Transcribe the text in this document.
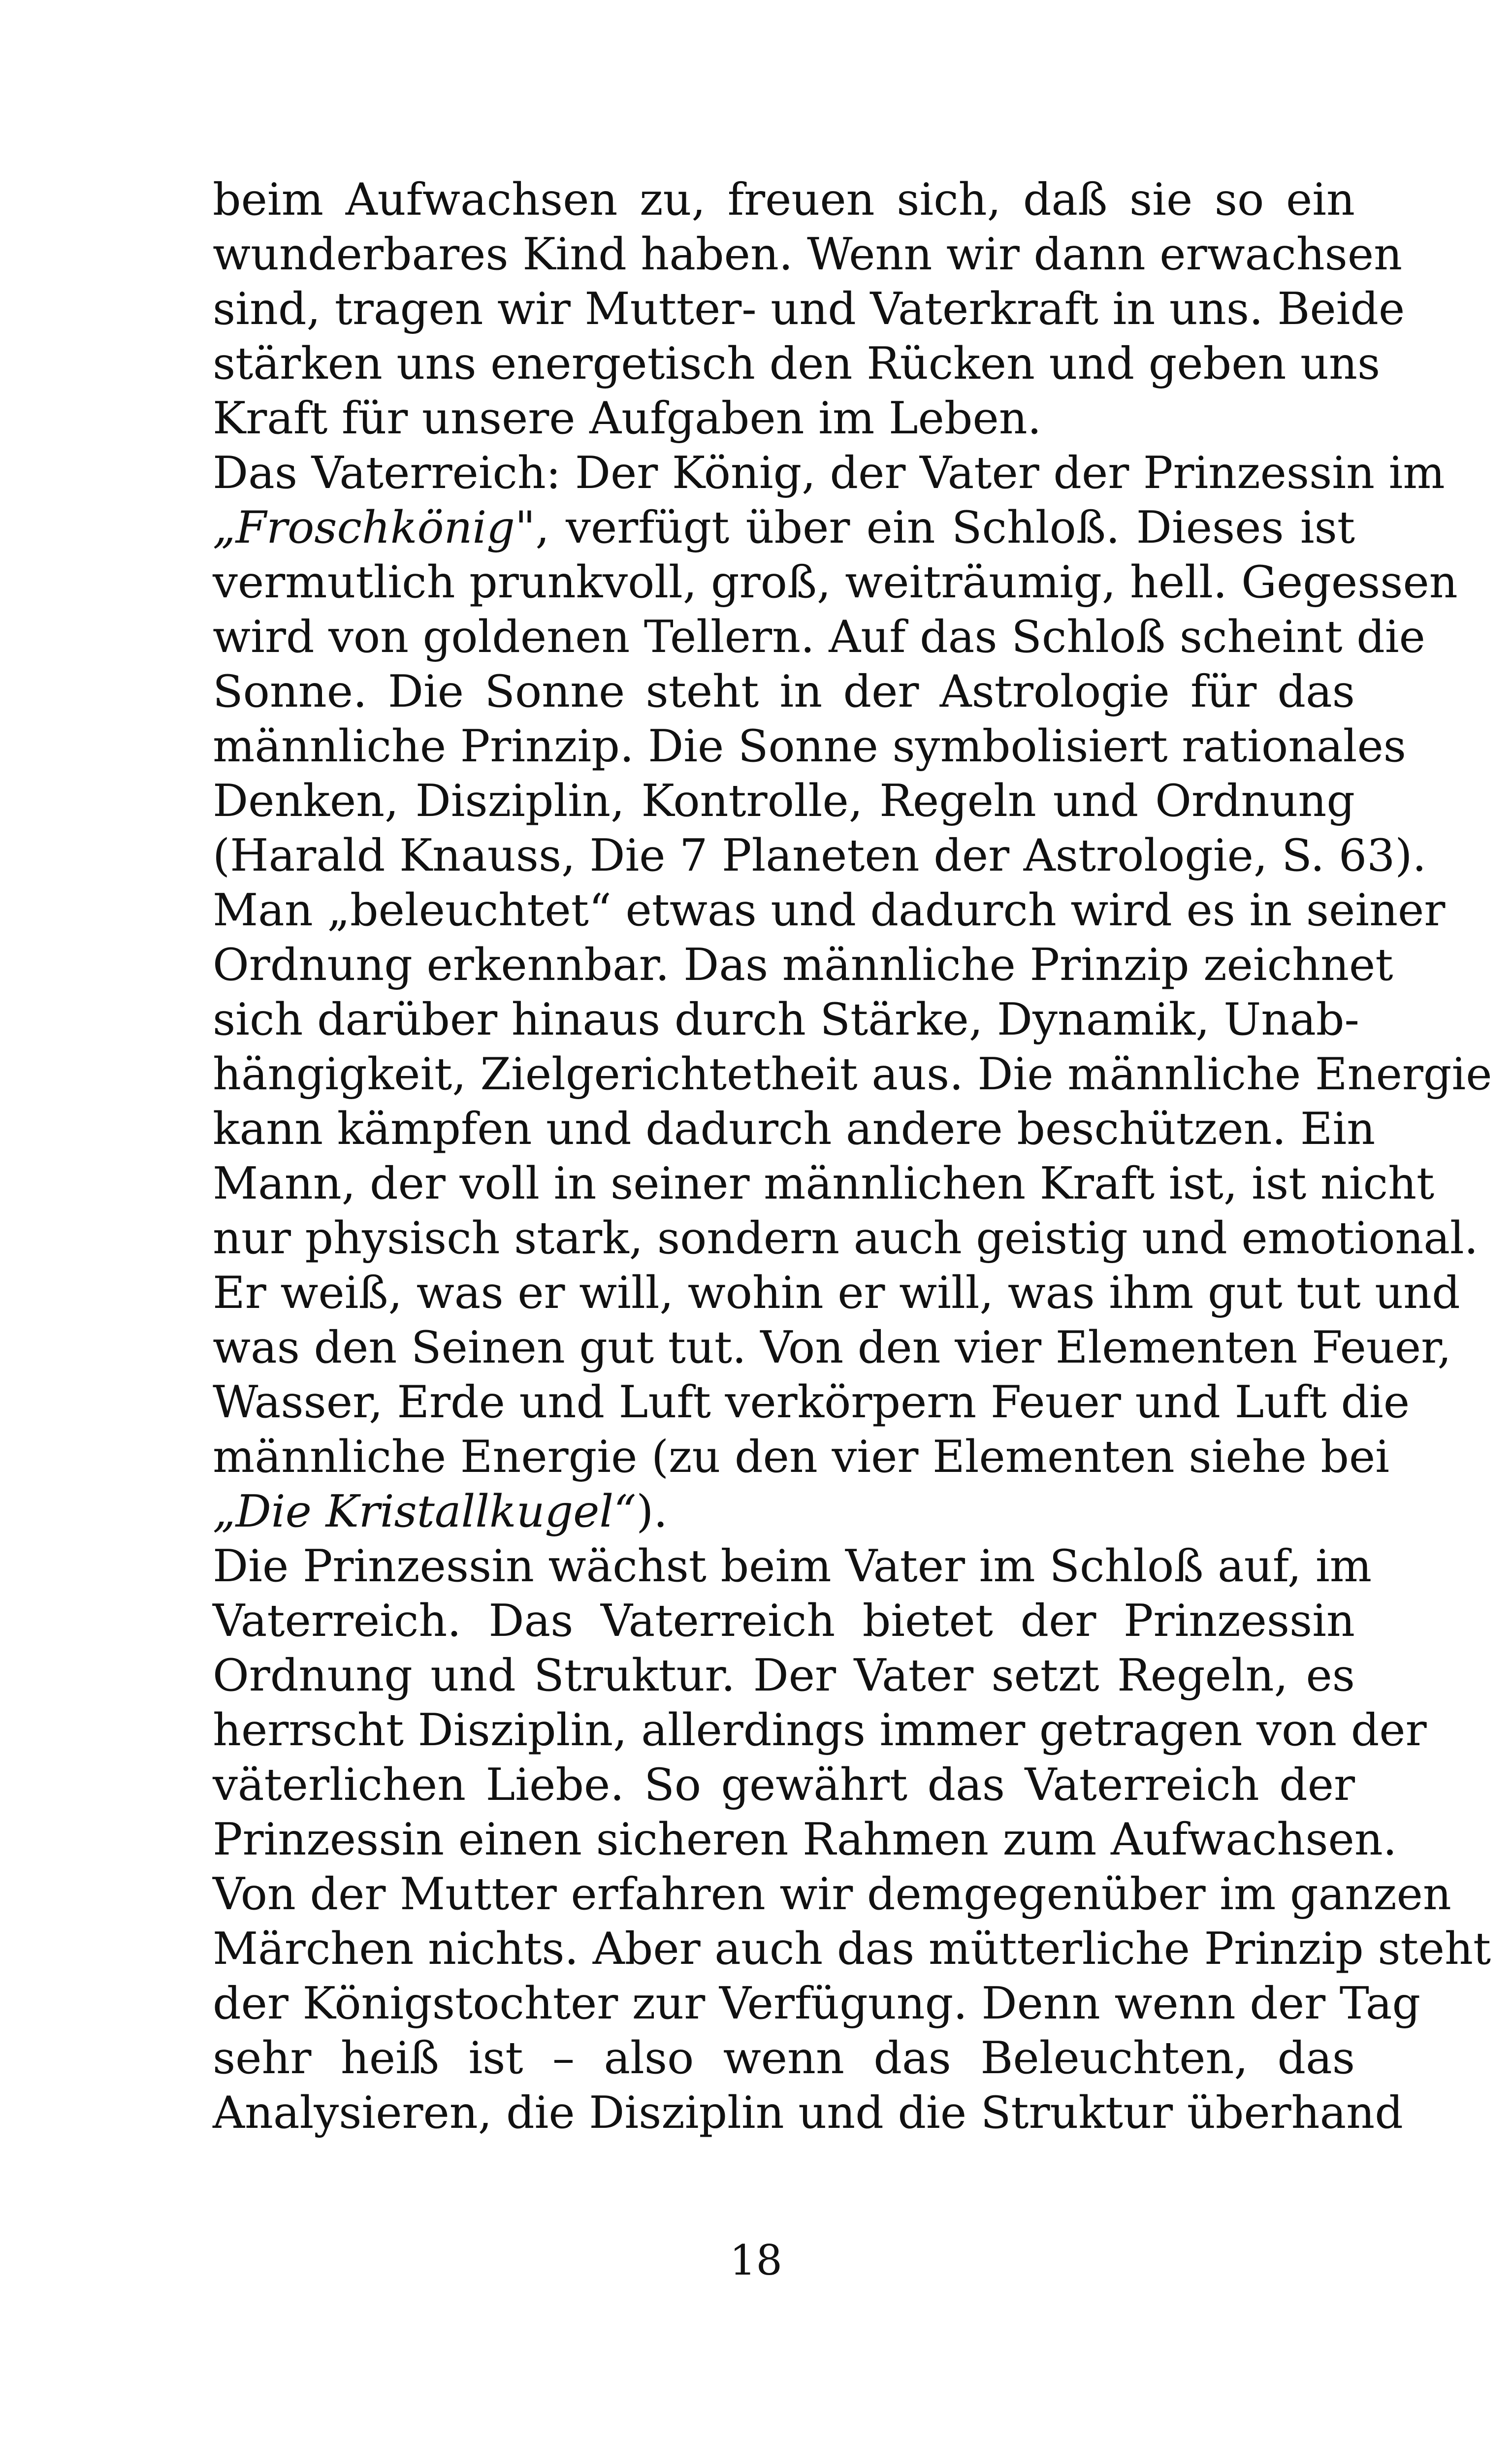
beim Aufwachsen zu, freuen sich, daß sie so ein
wunderbares Kind haben. Wenn wir dann erwachsen
sind, tragen wir Mutter- und Vaterkraft in uns. Beide
stärken uns energetisch den Rücken und geben uns
Kraft für unsere Aufgaben im Leben.
Das Vaterreich: Der König, der Vater der Prinzessin im
„Froschkönig", verfügt über ein Schloß. Dieses ist
vermutlich prunkvoll, groß, weiträumig, hell. Gegessen
wird von goldenen Tellern. Auf das Schloß scheint die
Sonne. Die Sonne steht in der Astrologie für das
männliche Prinzip. Die Sonne symbolisiert rationales
Denken, Disziplin, Kontrolle, Regeln und Ordnung
(Harald Knauss, Die 7 Planeten der Astrologie, S. 63).
Man „beleuchtet“ etwas und dadurch wird es in seiner
Ordnung erkennbar. Das männliche Prinzip zeichnet
sich darüber hinaus durch Stärke, Dynamik, Unab-
hängigkeit, Zielgerichtetheit aus. Die männliche Energie
kann kämpfen und dadurch andere beschützen. Ein
Mann, der voll in seiner männlichen Kraft ist, ist nicht
nur physisch stark, sondern auch geistig und emotional.
Er weiß, was er will, wohin er will, was ihm gut tut und
was den Seinen gut tut. Von den vier Elementen Feuer,
Wasser, Erde und Luft verkörpern Feuer und Luft die
männliche Energie (zu den vier Elementen siehe bei
„Die Kristallkugel“).
Die Prinzessin wächst beim Vater im Schloß auf, im
Vaterreich. Das Vaterreich bietet der Prinzessin
Ordnung und Struktur. Der Vater setzt Regeln, es
herrscht Disziplin, allerdings immer getragen von der
väterlichen Liebe. So gewährt das Vaterreich der
Prinzessin einen sicheren Rahmen zum Aufwachsen.
Von der Mutter erfahren wir demgegenüber im ganzen
Märchen nichts. Aber auch das mütterliche Prinzip steht
der Königstochter zur Verfügung. Denn wenn der Tag
sehr heiß ist – also wenn das Beleuchten, das
Analysieren, die Disziplin und die Struktur überhand
18
